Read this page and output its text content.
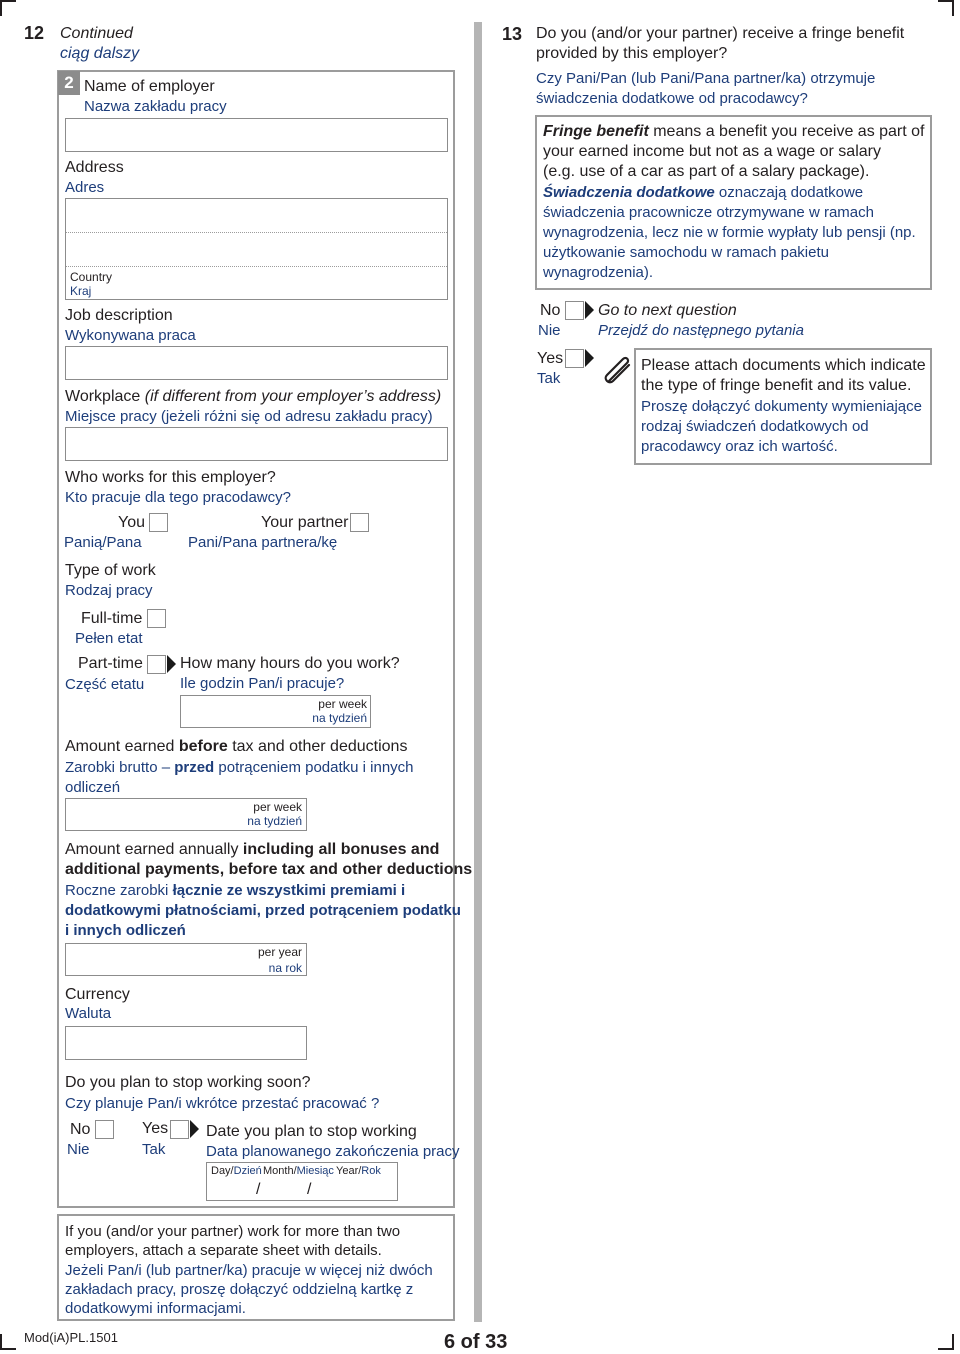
12 Continued
ciąg dalszy
2 Name of employer
Nazwa zakładu pracy
Address
Adres
Country
Kraj
Job description
Wykonywana praca
Workplace (if different from your employer’s address)
Miejsce pracy (jeżeli różni się od adresu zakładu pracy)
Who works for this employer?
Kto pracuje dla tego pracodawcy?
You
Panią/Pana
Your partner
Pani/Pana partnera/kę
Type of work
Rodzaj pracy
Full-time
Pełen etat
Part-time
Część etatu
How many hours do you work?
Ile godzin Pan/i pracuje?
per week
na tydzień
Amount earned before tax and other deductions
Zarobki brutto – przed potrąceniem podatku i innych
odliczeń
per week
na tydzień
Amount earned annually including all bonuses and
additional payments, before tax and other deductions
Roczne zarobki łącznie ze wszystkimi premiami i
dodatkowymi płatnościami, przed potrąceniem podatku
i innych odliczeń
per year
na rok
Currency
Waluta
Do you plan to stop working soon?
Czy planuje Pan/i wkrótce przestać pracować ?
No
Nie
Yes
Tak
Date you plan to stop working
Data planowanego zakończenia pracy
Day/Dzień Month/Miesiąc Year/Rok
/	/
If you (and/or your partner) work for more than two
employers, attach a separate sheet with details.
Jeżeli Pan/i (lub partner/ka) pracuje w więcej niż dwóch
zakładach pracy, proszę dołączyć oddzielną kartkę z
dodatkowymi informacjami.
13 Do you (and/or your partner) receive a fringe benefit
provided by this employer?
Czy Pani/Pan (lub Pani/Pana partner/ka) otrzymuje
świadczenia dodatkowe od pracodawcy?
Fringe benefit means a benefit you receive as part of
your earned income but not as a wage or salary
(e.g. use of a car as part of a salary package).
Świadczenia dodatkowe oznaczają dodatkowe
świadczenia pracownicze otrzymywane w ramach
wynagrodzenia, lecz nie w formie wypłaty lub pensji (np.
użytkowanie samochodu w ramach pakietu
wynagrodzenia).
No
Nie
Go to next question
Przejdź do następnego pytania
Yes
Tak
Please attach documents which indicate
the type of fringe benefit and its value.
Proszę dołączyć dokumenty wymieniające
rodzaj świadczeń dodatkowych od
pracodawcy oraz ich wartość.
Mod(iA)PL.1501	6 of 33
